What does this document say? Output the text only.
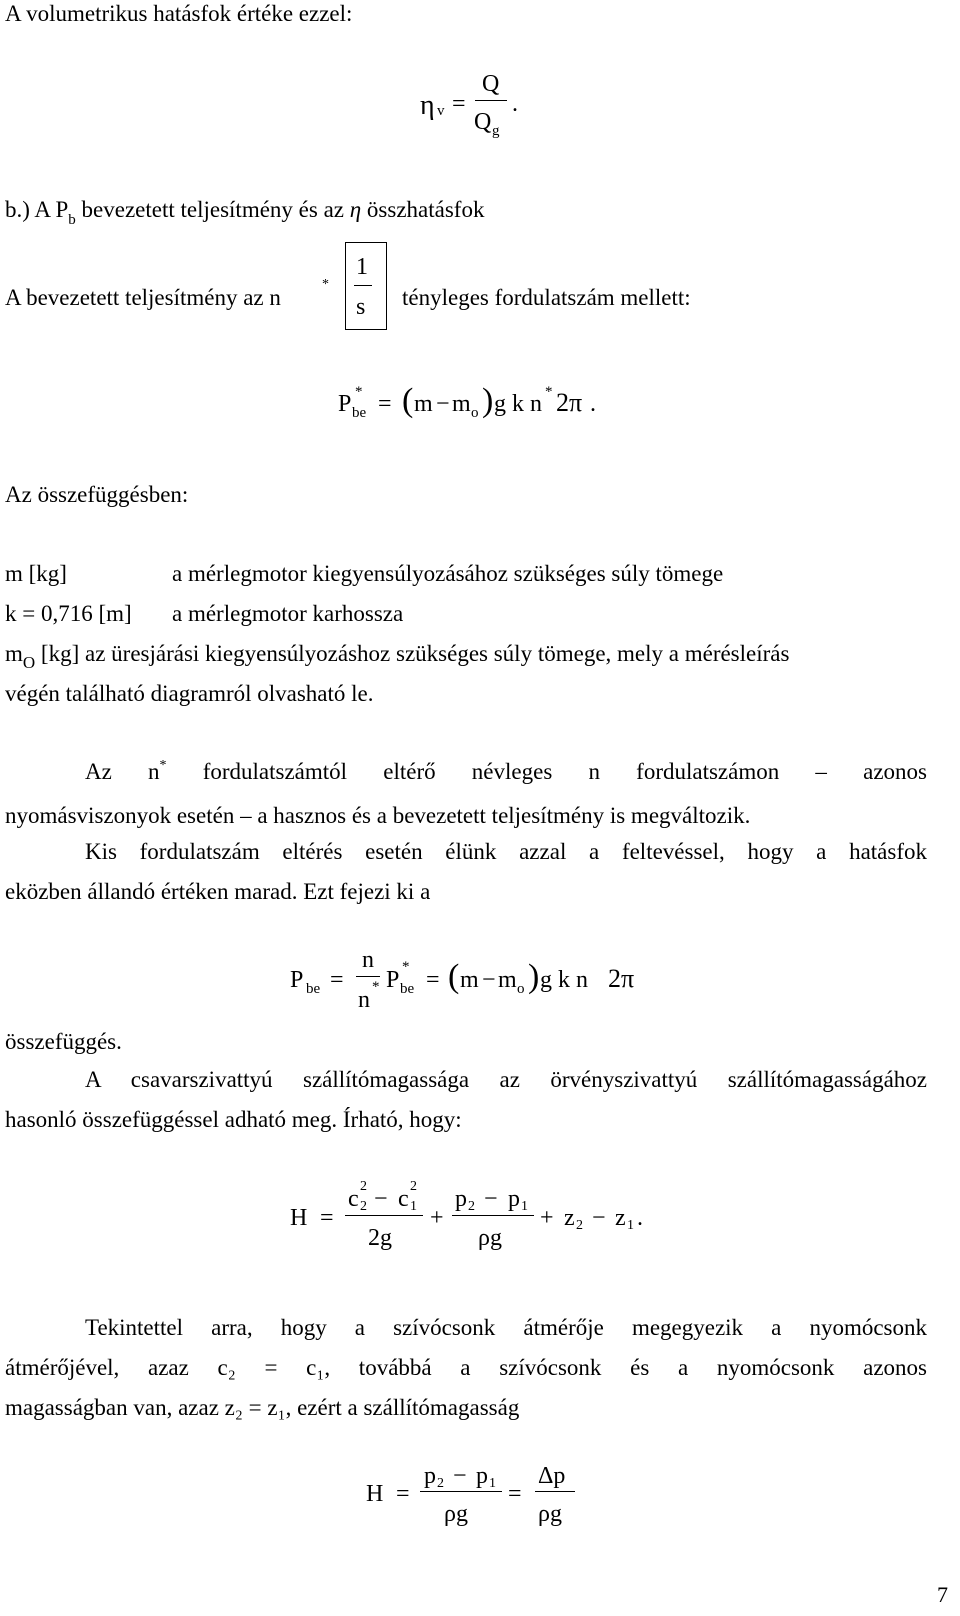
A volumetrikus hatásfok értéke ezzel:
η v =
Q
Q g
.
b.) A $P_b$ bevezetett teljesítmény és az η összhatásfok
A bevezetett teljesítmény az n
*
1
s tényleges fordulatszám mellett:
P *
be = ( m − m o ) g k n * 2π .
Az összefüggésben:
m [kg]	a mérlegmotor kiegyensúlyozásához szükséges súly tömege
k = 0,716 [m] a mérlegmotor karhossza
$m_O$ [kg] az üresjárási kiegyensúlyozáshoz szükséges súly tömege, mely a mérésleírás
végén található diagramról olvasható le.
Az n* fordulatszámtól eltérő névleges n fordulatszámon – azonos
nyomásviszonyok esetén – a hasznos és a bevezetett teljesítmény is megváltozik.
Kis fordulatszám eltérés esetén élünk azzal a feltevéssel, hogy a hatásfok
eközben állandó értéken marad. Ezt fejezi ki a
P be =
n
n * P *
be = ( m − m o ) g k n 2π
összefüggés.
A csavarszivattyú szállítómagassága az örvényszivattyú szállítómagasságához
hasonló összefüggéssel adható meg. Írható, hogy:
H =
c 2
2 − c 2
1
2g
+
p 2 − p 1
ρg
+ z 2 − z 1 .
Tekintettel arra, hogy a szívócsonk átmérője megegyezik a nyomócsonk
átmérőjével, azaz c₂ = c₁, továbbá a szívócsonk és a nyomócsonk azonos
magasságban van, azaz z₂ = z₁, ezért a szállítómagasság
H =
p 2 − p 1
ρg
=
Δp
ρg
7
